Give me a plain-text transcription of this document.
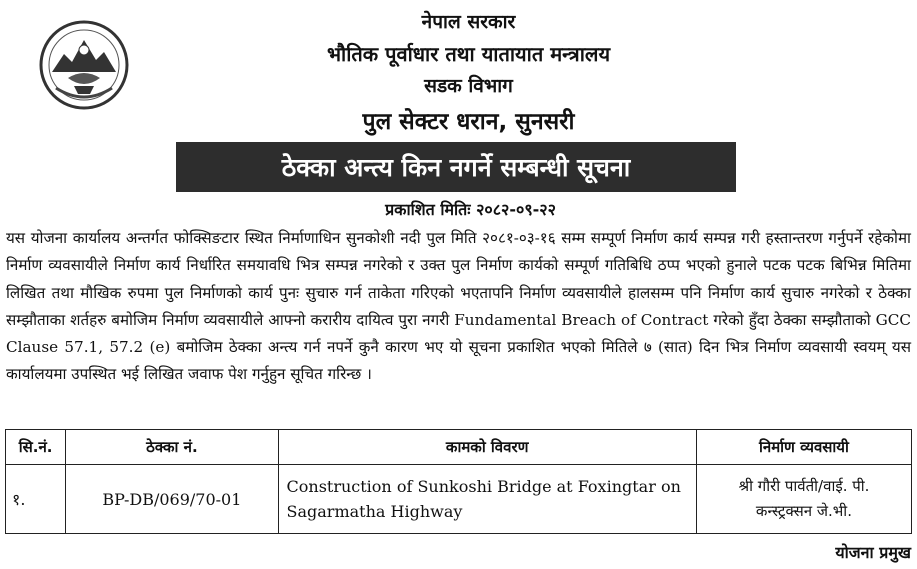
नेपाल सरकार
भौतिक पूर्वाधार तथा यातायात मन्त्रालय
सडक विभाग
पुल सेक्टर धरान, सुनसरी
ठेक्का अन्त्य किन नगर्ने सम्बन्धी सूचना
प्रकाशित मितिः २०८२-०९-२२
यस योजना कार्यालय अन्तर्गत फोक्सिङटार स्थित निर्माणाधिन सुनकोशी नदी पुल मिति २०८१-०३-१६ सम्म सम्पूर्ण निर्माण कार्य सम्पन्न गरी हस्तान्तरण गर्नुपर्ने रहेकोमा निर्माण व्यवसायीले निर्माण कार्य निर्धारित समयावधि भित्र सम्पन्न नगरेको र उक्त पुल निर्माण कार्यको सम्पूर्ण गतिबिधि ठप्प भएको हुनाले पटक पटक बिभिन्न मितिमा लिखित तथा मौखिक रुपमा पुल निर्माणको कार्य पुनः सुचारु गर्न ताकेता गरिएको भएतापनि निर्माण व्यवसायीले हालसम्म पनि निर्माण कार्य सुचारु नगरेको र ठेक्का सम्झौताका शर्तहरु बमोजिम निर्माण व्यवसायीले आफ्नो करारीय दायित्व पुरा नगरी Fundamental Breach of Contract गरेको हुँदा ठेक्का सम्झौताको GCC Clause 57.1, 57.2 (e) बमोजिम ठेक्का अन्त्य गर्न नपर्ने कुनै कारण भए यो सूचना प्रकाशित भएको मितिले ७ (सात) दिन भित्र निर्माण व्यवसायी स्वयम् यस कार्यालयमा उपस्थित भई लिखित जवाफ पेश गर्नुहुन सूचित गरिन्छ ।
सि.नं.	ठेक्का नं.	कामको विवरण	निर्माण व्यवसायी
१.	BP-DB/069/70-01	Construction of Sunkoshi Bridge at Foxingtar on Sagarmatha Highway	श्री गौरी पार्वती/वाई. पी.
कन्स्ट्रक्सन जे.भी.
योजना प्रमुख
